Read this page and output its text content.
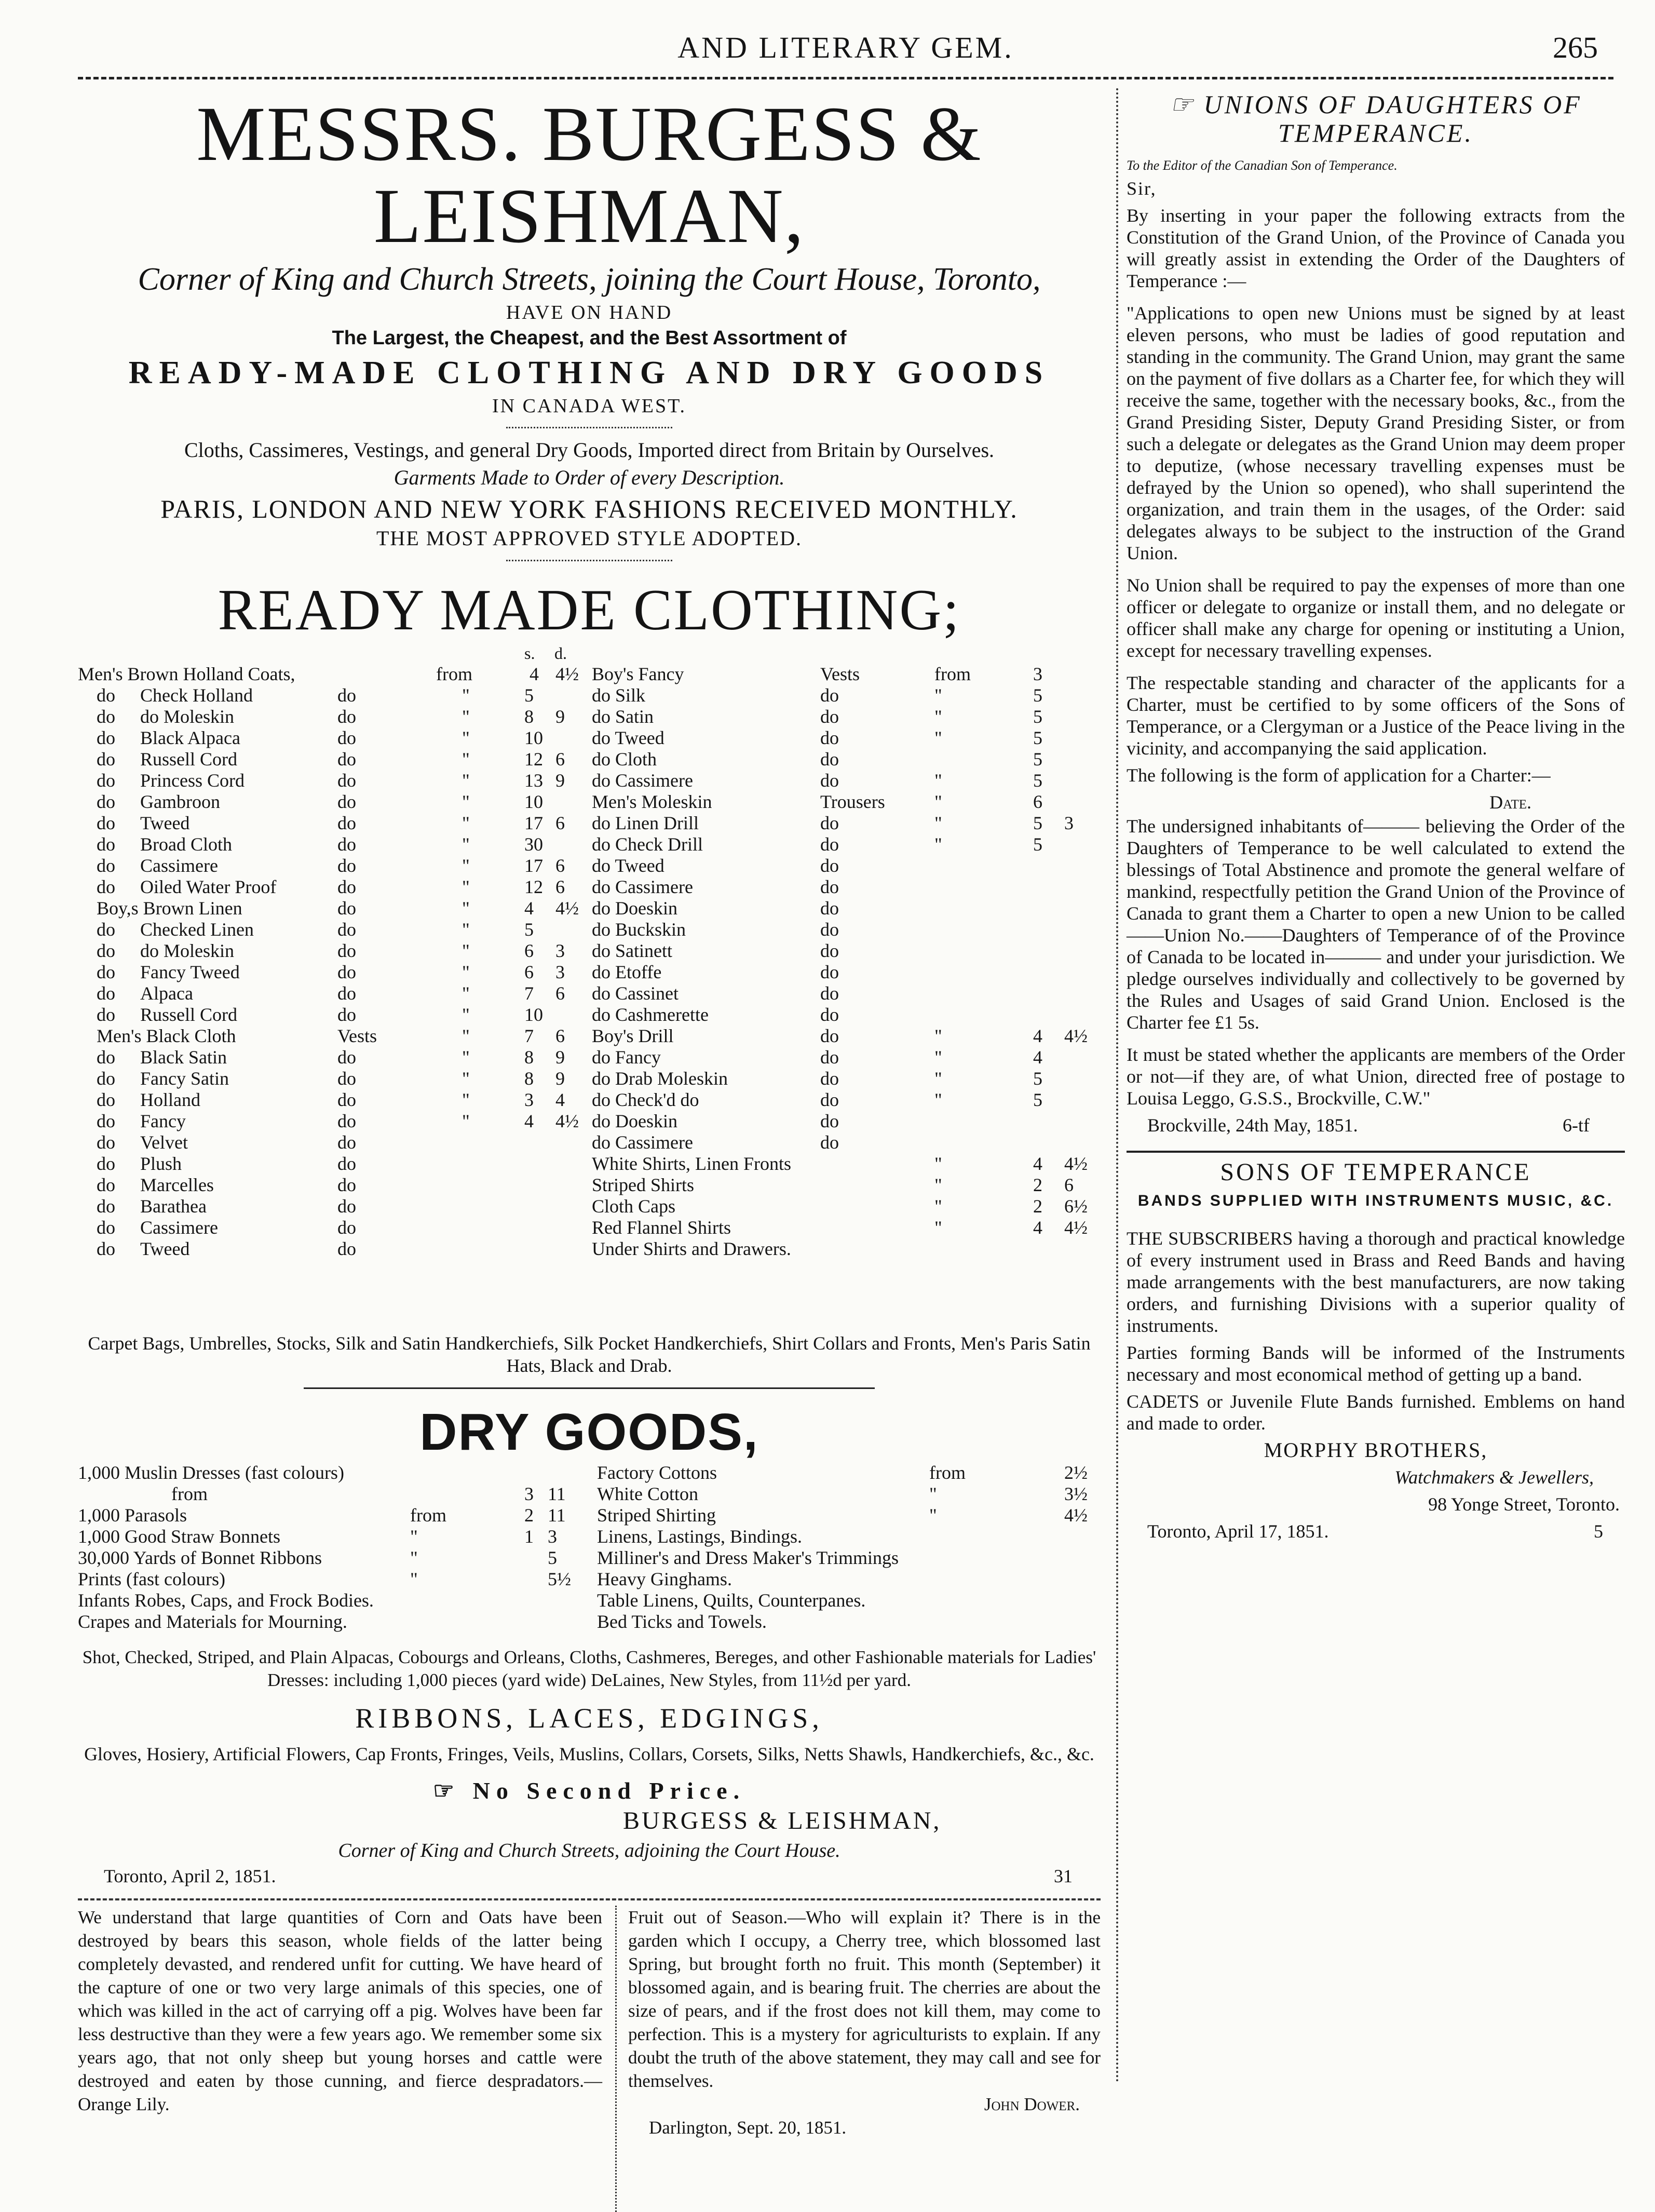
AND LITERARY GEM.	265
MESSRS. BURGESS & LEISHMAN,
Corner of King and Church Streets, joining the Court House, Toronto,
HAVE ON HAND
The Largest, the Cheapest, and the Best Assortment of
READY-MADE CLOTHING AND DRY GOODS
IN CANADA WEST.
Cloths, Cassimeres, Vestings, and general Dry Goods, Imported direct from Britain by Ourselves.
Garments Made to Order of every Description.
PARIS, LONDON AND NEW YORK FASHIONS RECEIVED MONTHLY.
THE MOST APPROVED STYLE ADOPTED.
READY MADE CLOTHING;
s. d.
Men's Brown Holland Coats,	from	4 4½
do Check Holland	do	"	5
do do Moleskin	do	"	8 9
do Black Alpaca	do	"	10
do Russell Cord	do	"	12 6
do Princess Cord	do	"	13 9
do Gambroon	do	"	10
do Tweed	do	"	17 6
do Broad Cloth	do	"	30
do Cassimere	do	"	17 6
do Oiled Water Proof	do	"	12 6
Boy,s Brown Linen	do	"	4 4½
do Checked Linen	do	"	5
do do Moleskin	do	"	6 3
do Fancy Tweed	do	"	6 3
do Alpaca	do	"	7 6
do Russell Cord	do	"	10
Men's Black Cloth	Vests	"	7 6
do Black Satin	do	"	8 9
do Fancy Satin	do	"	8 9
do Holland	do	"	3 4
do Fancy	do	"	4 4½
do Velvet	do
do Plush	do
do Marcelles	do
do Barathea	do
do Cassimere	do
do Tweed	do
Boy's Fancy	Vests	from	3
do Silk	do	"	5
do Satin	do	"	5
do Tweed	do	"	5
do Cloth	do	5
do Cassimere	do	"	5
Men's Moleskin	Trousers	"	6
do Linen Drill	do	"	5 3
do Check Drill	do	"	5
do Tweed	do
do Cassimere	do
do Doeskin	do
do Buckskin	do
do Satinett	do
do Etoffe	do
do Cassinet	do
do Cashmerette	do
Boy's Drill	do	"	4 4½
do Fancy	do	"	4
do Drab Moleskin	do	"	5
do Check'd do	do	"	5
do Doeskin	do
do Cassimere	do
White Shirts, Linen Fronts	"	4 4½
Striped Shirts	"	2 6
Cloth Caps	"	2 6½
Red Flannel Shirts	"	4 4½
Under Shirts and Drawers.
Carpet Bags, Umbrelles, Stocks, Silk and Satin Handkerchiefs, Silk Pocket Handkerchiefs, Shirt Collars and Fronts, Men's Paris Satin Hats, Black and Drab.
DRY GOODS,
1,000 Muslin Dresses (fast colours)
from	3 11
1,000 Parasols	from	2 11
1,000 Good Straw Bonnets	"	1 3
30,000 Yards of Bonnet Ribbons	"	5
Prints (fast colours)	"	5½
Infants Robes, Caps, and Frock Bodies.
Crapes and Materials for Mourning.
Factory Cottons	from	2½
White Cotton	"	3½
Striped Shirting	"	4½
Linens, Lastings, Bindings.
Milliner's and Dress Maker's Trimmings
Heavy Ginghams.
Table Linens, Quilts, Counterpanes.
Bed Ticks and Towels.
Shot, Checked, Striped, and Plain Alpacas, Cobourgs and Orleans, Cloths, Cashmeres, Bereges, and other Fashionable materials for Ladies' Dresses: including 1,000 pieces (yard wide) DeLaines, New Styles, from 11½d per yard.
RIBBONS, LACES, EDGINGS,
Gloves, Hosiery, Artificial Flowers, Cap Fronts, Fringes, Veils, Muslins, Collars, Corsets, Silks, Netts Shawls, Handkerchiefs, &c., &c.
☞ No Second Price.
BURGESS & LEISHMAN,
Corner of King and Church Streets, adjoining the Court House.
Toronto, April 2, 1851.	31
We understand that large quantities of Corn and Oats have been destroyed by bears this season, whole fields of the latter being completely devasted, and rendered unfit for cutting. We have heard of the capture of one or two very large animals of this species, one of which was killed in the act of carrying off a pig. Wolves have been far less destructive than they were a few years ago. We remember some six years ago, that not only sheep but young horses and cattle were destroyed and eaten by those cunning, and fierce despradators.—Orange Lily.
Fruit out of Season.—Who will explain it? There is in the garden which I occupy, a Cherry tree, which blossomed last Spring, but brought forth no fruit. This month (September) it blossomed again, and is bearing fruit. The cherries are about the size of pears, and if the frost does not kill them, may come to perfection. This is a mystery for agriculturists to explain. If any doubt the truth of the above statement, they may call and see for themselves.
John Dower.
Darlington, Sept. 20, 1851.
☞ UNIONS OF DAUGHTERS OF TEMPERANCE.
To the Editor of the Canadian Son of Temperance.
Sir,
By inserting in your paper the following extracts from the Constitution of the Grand Union, of the Province of Canada you will greatly assist in extending the Order of the Daughters of Temperance :—
"Applications to open new Unions must be signed by at least eleven persons, who must be ladies of good reputation and standing in the community. The Grand Union, may grant the same on the payment of five dollars as a Charter fee, for which they will receive the same, together with the necessary books, &c., from the Grand Presiding Sister, Deputy Grand Presiding Sister, or from such a delegate or delegates as the Grand Union may deem proper to deputize, (whose necessary travelling expenses must be defrayed by the Union so opened), who shall superintend the organization, and train them in the usages, of the Order: said delegates always to be subject to the instruction of the Grand Union.
No Union shall be required to pay the expenses of more than one officer or delegate to organize or install them, and no delegate or officer shall make any charge for opening or instituting a Union, except for necessary travelling expenses.
The respectable standing and character of the applicants for a Charter, must be certified to by some officers of the Sons of Temperance, or a Clergyman or a Justice of the Peace living in the vicinity, and accompanying the said application.
The following is the form of application for a Charter:—
Date.
The undersigned inhabitants of——— believing the Order of the Daughters of Temperance to be well calculated to extend the blessings of Total Abstinence and promote the general welfare of mankind, respectfully petition the Grand Union of the Province of Canada to grant them a Charter to open a new Union to be called ——Union No.——Daughters of Temperance of of the Province of Canada to be located in——— and under your jurisdiction. We pledge ourselves individually and collectively to be governed by the Rules and Usages of said Grand Union. Enclosed is the Charter fee £1 5s.
It must be stated whether the applicants are members of the Order or not—if they are, of what Union, directed free of postage to Louisa Leggo, G.S.S., Brockville, C.W."
Brockville, 24th May, 1851.	6-tf
SONS OF TEMPERANCE
BANDS SUPPLIED WITH INSTRUMENTS MUSIC, &C.
THE SUBSCRIBERS having a thorough and practical knowledge of every instrument used in Brass and Reed Bands and having made arrangements with the best manufacturers, are now taking orders, and furnishing Divisions with a superior quality of instruments.
Parties forming Bands will be informed of the Instruments necessary and most economical method of getting up a band.
CADETS or Juvenile Flute Bands furnished. Emblems on hand and made to order.
MORPHY BROTHERS,
Watchmakers & Jewellers,
98 Yonge Street, Toronto.
Toronto, April 17, 1851.	5
